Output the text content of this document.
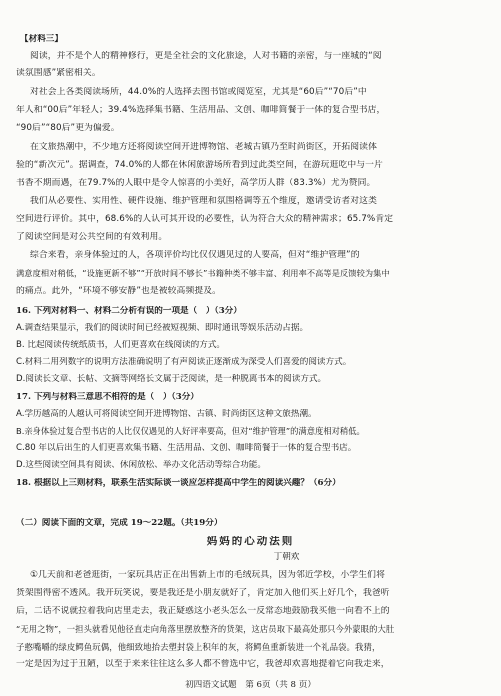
【材料三】
阅读，并不是个人的精神修行，更是全社会的文化旅途，人对书籍的亲密，与一座城的“阅
读氛围感”紧密相关。
对社会上各类阅读场所，44.0%的人选择去图书馆或阅览室，尤其是“60后”“70后”中
年人和“00后”年轻人；39.4%选择集书籍、生活用品、文创、咖啡简餐于一体的复合型书店，
“90后”“80后”更为偏爱。
在文旅热潮中，不少地方还将阅读空间开进博物馆、老城古镇乃至时尚街区，开拓阅读体
验的“新次元”。据调查，74.0%的人都在休闲旅游场所看到过此类空间，在游玩逛吃中与一片
书香不期而遇，在79.7%的人眼中是令人惊喜的小美好，高学历人群（83.3%）尤为赞同。
我们从必要性、实用性、硬件设施、维护管理和氛围格调等五个维度，邀请受访者对这类
空间进行评价。其中，68.6%的人认可其开设的必要性，认为符合大众的精神需求；65.7%肯定
了阅读空间是对公共空间的有效利用。
综合来看，亲身体验过的人，各项评价均比仅仅遇见过的人要高，但对“维护管理”的
满意度相对稍低，“设施更新不够”“开放时间不够长”书籍种类不够丰富、利用率不高等是反馈较为集中
的痛点。此外，“环境不够安静”也是被较高频提及。
16. 下列对材料一、材料二分析有误的一项是（　）（3分）
A.调查结果显示，我们的阅读时间已经被短视频、即时通讯等娱乐活动占据。
B. 比起阅读传统纸质书，人们更喜欢在线阅读的方式。
C.材料二用列数字的说明方法准确说明了有声阅读正逐渐成为深受人们喜爱的阅读方式。
D.阅读长文章、长帖、文摘等网络长文属于泛阅读，是一种脱离书本的阅读方式。
17. 下列与材料三意思不相符的是（　）（3分）
A.学历越高的人越认可将阅读空间开进博物馆、古镇、时尚街区这种文旅热潮。
B.亲身体验过复合型书店的人比仅仅遇见的人好评率要高，但对“维护管理”的满意度相对稍低。
C.80 年以后出生的人们更喜欢集书籍、生活用品、文创、咖啡简餐于一体的复合型书店。
D.这些阅读空间具有阅读、休闲放松、举办文化活动等综合功能。
18. 根据以上三则材料，联系生活实际谈一谈应怎样提高中学生的阅读兴趣？（6分）
（二）阅读下面的文章，完成 19～22题。（共19分）
妈妈的心动法则
丁朝欢
①几天前和老爸逛街，一家玩具店正在出售新上市的毛绒玩具，因为邻近学校，小学生们将
货架围得密不透风。我开玩笑说，要是我还是小朋友就好了，肯定加入他们买上好几个，我爸听
后，二话不说就拉着我向店里走去，我正疑惑这小老头怎么一反常态地鼓励我买他一向看不上的
“无用之物”，一担头就看见他径直走向角落里摆放整齐的货架，这店员取下最高处那只今外蒙眼的大肚
子憨嘴嚼的绿皮鳄鱼玩偶，他细致地抬去塑封袋上积年的灰，将鳄鱼重新装进一个礼品袋。我猜，
一定是因为过于丑陋，以至于来来往往这么多人都不曾选中它，我爸却欢喜地提着它向我走来，
初四语文试题　第 6页（共 8 页）
